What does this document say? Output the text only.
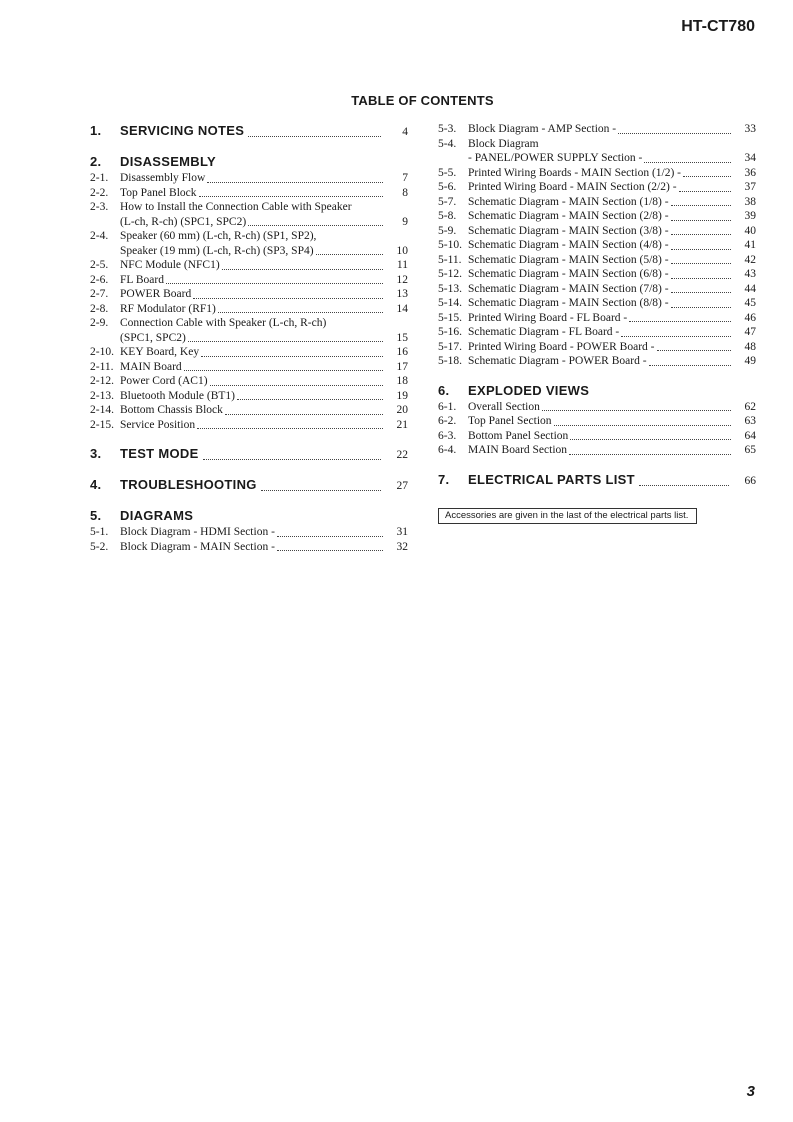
HT-CT780
TABLE OF CONTENTS
1.	SERVICING NOTES	4
2.	DISASSEMBLY
2-1.	Disassembly Flow	7
2-2.	Top Panel Block	8
2-3.	How to Install the Connection Cable with Speaker
(L-ch, R-ch) (SPC1, SPC2)	9
2-4.	Speaker (60 mm) (L-ch, R-ch) (SP1, SP2),
Speaker (19 mm) (L-ch, R-ch) (SP3, SP4)	10
2-5.	NFC Module (NFC1)	11
2-6.	FL Board	12
2-7.	POWER Board	13
2-8.	RF Modulator (RF1)	14
2-9.	Connection Cable with Speaker (L-ch, R-ch)
(SPC1, SPC2)	15
2-10. KEY Board, Key	16
2-11. MAIN Board	17
2-12. Power Cord (AC1)	18
2-13. Bluetooth Module (BT1)	19
2-14. Bottom Chassis Block	20
2-15. Service Position	21
3.	TEST MODE	22
4.	TROUBLESHOOTING	27
5.	DIAGRAMS
5-1.	Block Diagram - HDMI Section -	31
5-2.	Block Diagram - MAIN Section -	32
5-3.	Block Diagram - AMP Section -	33
5-4.	Block Diagram
- PANEL/POWER SUPPLY Section -	34
5-5.	Printed Wiring Boards - MAIN Section (1/2) -	36
5-6.	Printed Wiring Board - MAIN Section (2/2) -	37
5-7.	Schematic Diagram - MAIN Section (1/8) -	38
5-8.	Schematic Diagram - MAIN Section (2/8) -	39
5-9.	Schematic Diagram - MAIN Section (3/8) -	40
5-10. Schematic Diagram - MAIN Section (4/8) -	41
5-11. Schematic Diagram - MAIN Section (5/8) -	42
5-12. Schematic Diagram - MAIN Section (6/8) -	43
5-13. Schematic Diagram - MAIN Section (7/8) -	44
5-14. Schematic Diagram - MAIN Section (8/8) -	45
5-15. Printed Wiring Board - FL Board -	46
5-16. Schematic Diagram - FL Board -	47
5-17. Printed Wiring Board - POWER Board -	48
5-18. Schematic Diagram - POWER Board -	49
6.	EXPLODED VIEWS
6-1.	Overall Section	62
6-2.	Top Panel Section	63
6-3.	Bottom Panel Section	64
6-4.	MAIN Board Section	65
7.	ELECTRICAL PARTS LIST	66
Accessories are given in the last of the electrical parts list.
3
